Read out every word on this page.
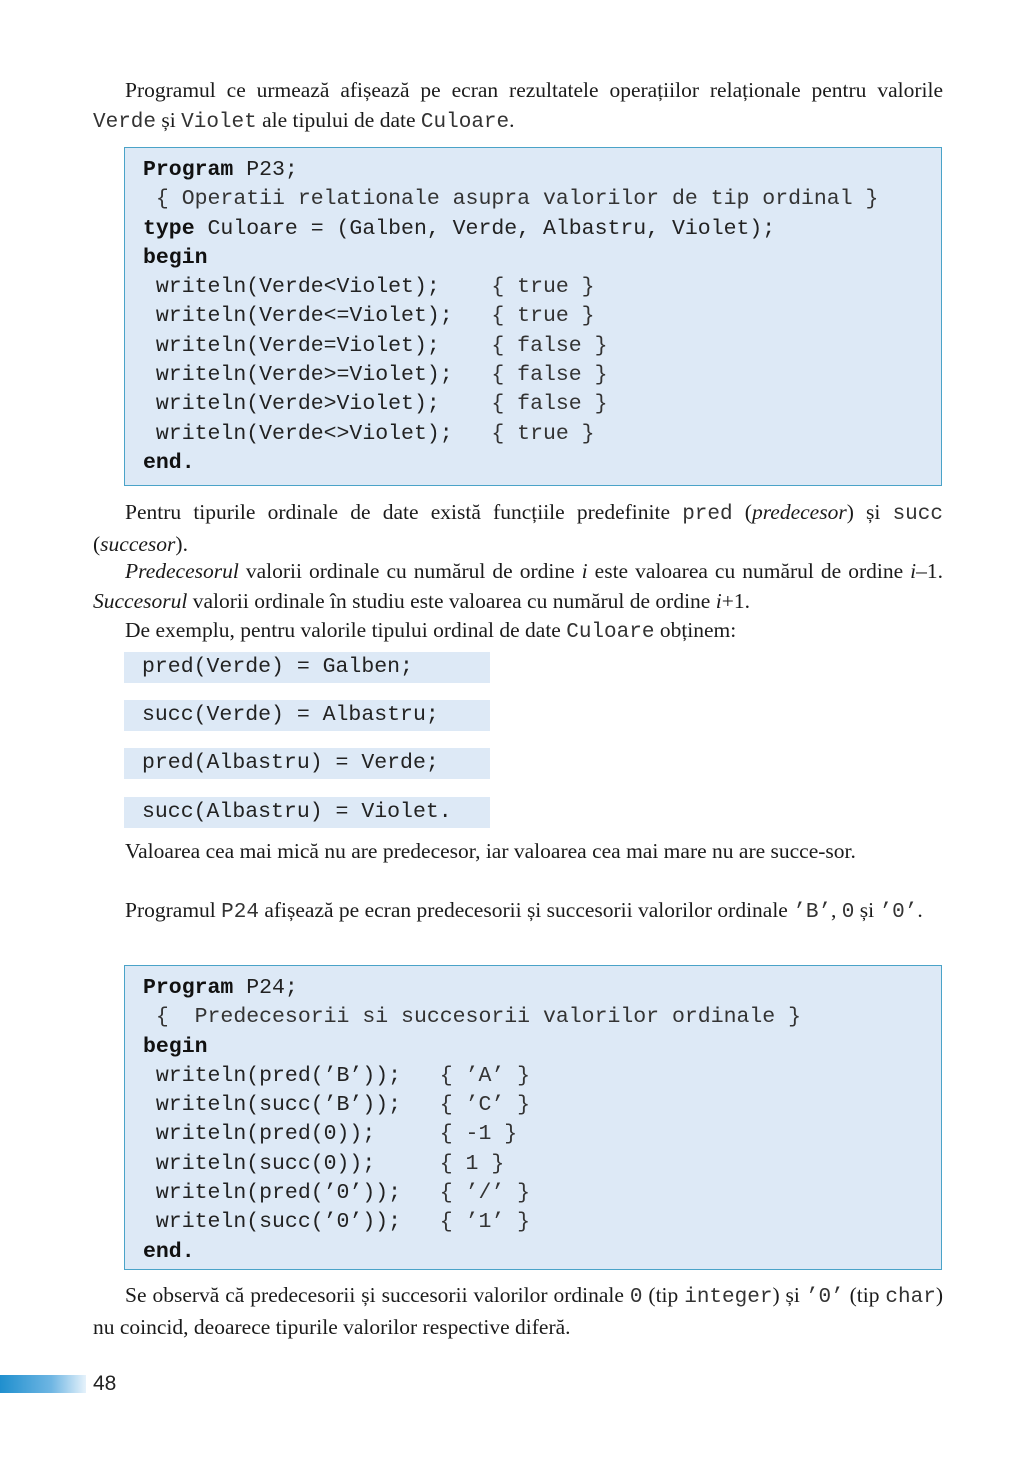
Programul ce urmează afișează pe ecran rezultatele operațiilor relaționale pentru valorile Verde și Violet ale tipului de date Culoare.

Program P23;
{ Operatii relationale asupra valorilor de tip ordinal }
type Culoare = (Galben, Verde, Albastru, Violet);
begin
writeln(Verde<Violet);    { true }
writeln(Verde<=Violet);   { true }
writeln(Verde=Violet);    { false }
writeln(Verde>=Violet);   { false }
writeln(Verde>Violet);    { false }
writeln(Verde<>Violet);   { true }
end.

Pentru tipurile ordinale de date există funcțiile predefinite pred (predecesor) și succ (succesor).

Predecesorul valorii ordinale cu numărul de ordine i este valoarea cu numărul de ordine i–1. Succesorul valorii ordinale în studiu este valoarea cu numărul de ordine i+1.

De exemplu, pentru valorile tipului ordinal de date Culoare obținem:

pred(Verde) = Galben;
succ(Verde) = Albastru;
pred(Albastru) = Verde;
succ(Albastru) = Violet.

Valoarea cea mai mică nu are predecesor, iar valoarea cea mai mare nu are succe-sor.

Programul P24 afișează pe ecran predecesorii și succesorii valorilor ordinale ’B’, 0 și ’0’.

Program P24;
{  Predecesorii si succesorii valorilor ordinale }
begin
writeln(pred(’B’));   { ’A’ }
writeln(succ(’B’));   { ’C’ }
writeln(pred(0));     { -1 }
writeln(succ(0));     { 1 }
writeln(pred(’0’));   { ’/’ }
writeln(succ(’0’));   { ’1’ }
end.

Se observă că predecesorii și succesorii valorilor ordinale 0 (tip integer) și ’0’ (tip char) nu coincid, deoarece tipurile valorilor respective diferă.

48
